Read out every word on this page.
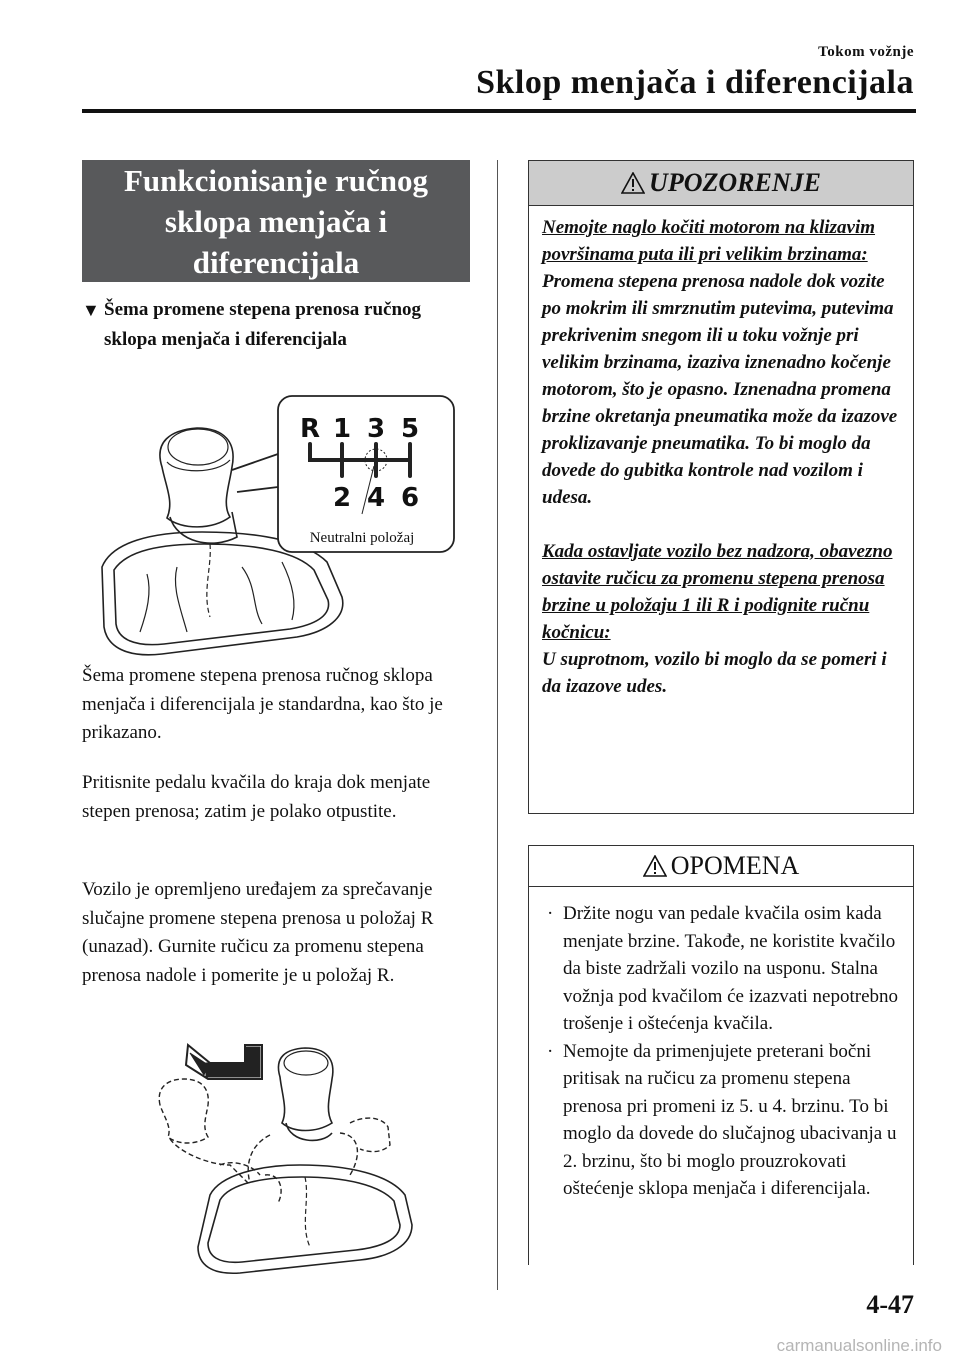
Tokom vožnje
Sklop menjača i diferencijala
Funkcionisanje ručnog sklopa menjača i diferencijala
▼ Šema promene stepena prenosa ručnog sklopa menjača i diferencijala
R 1 3 5
2 4 6
Neutralni položaj
Šema promene stepena prenosa ručnog sklopa menjača i diferencijala je standardna, kao što je prikazano.
Pritisnite pedalu kvačila do kraja dok menjate stepen prenosa; zatim je polako otpustite.
Vozilo je opremljeno uređajem za sprečavanje slučajne promene stepena prenosa u položaj R (unazad). Gurnite ručicu za promenu stepena prenosa nadole i pomerite je u položaj R.
UPOZORENJE

Nemojte naglo kočiti motorom na klizavim površinama puta ili pri velikim brzinama:

Promena stepena prenosa nadole dok vozite po mokrim ili smrznutim putevima, putevima prekrivenim snegom ili u toku vožnje pri velikim brzinama, izaziva iznenadno kočenje motorom, što je opasno. Iznenadna promena brzine okretanja pneumatika može da izazove proklizavanje pneumatika. To bi moglo da dovede do gubitka kontrole nad vozilom i udesa.

Kada ostavljate vozilo bez nadzora, obavezno ostavite ručicu za promenu stepena prenosa brzine u položaju 1 ili R i podignite ručnu kočnicu:

U suprotnom, vozilo bi moglo da se pomeri i da izazove udes.

OPOMENA
· Držite nogu van pedale kvačila osim kada menjate brzine. Takođe, ne koristite kvačilo da biste zadržali vozilo na usponu. Stalna vožnja pod kvačilom će izazvati nepotrebno trošenje i oštećenja kvačila.
· Nemojte da primenjujete preterani bočni pritisak na ručicu za promenu stepena prenosa pri promeni iz 5. u 4. brzinu. To bi moglo da dovede do slučajnog ubacivanja u 2. brzinu, što bi moglo prouzrokovati oštećenje sklopa menjača i diferencijala.
4-47
carmanualsonline.info
